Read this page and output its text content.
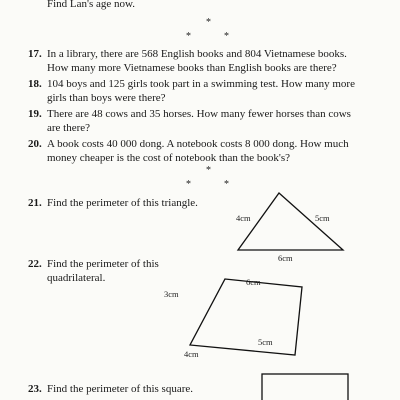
Find Lan's age now.
*
*	*
17. In a library, there are 568 English books and 804 Vietnamese books.
How many more Vietnamese books than English books are there?
18. 104 boys and 125 girls took part in a swimming test. How many more
girls than boys were there?
19. There are 48 cows and 35 horses. How many fewer horses than cows
are there?
20. A book costs 40 000 dong. A notebook costs 8 000 dong. How much
money cheaper is the cost of notebook than the book's?
*
*	*
21. Find the perimeter of this triangle.
22. Find the perimeter of this
quadrilateral.
23. Find the perimeter of this square.
4cm	5cm
6cm
3cm
6cm
5cm
4cm
